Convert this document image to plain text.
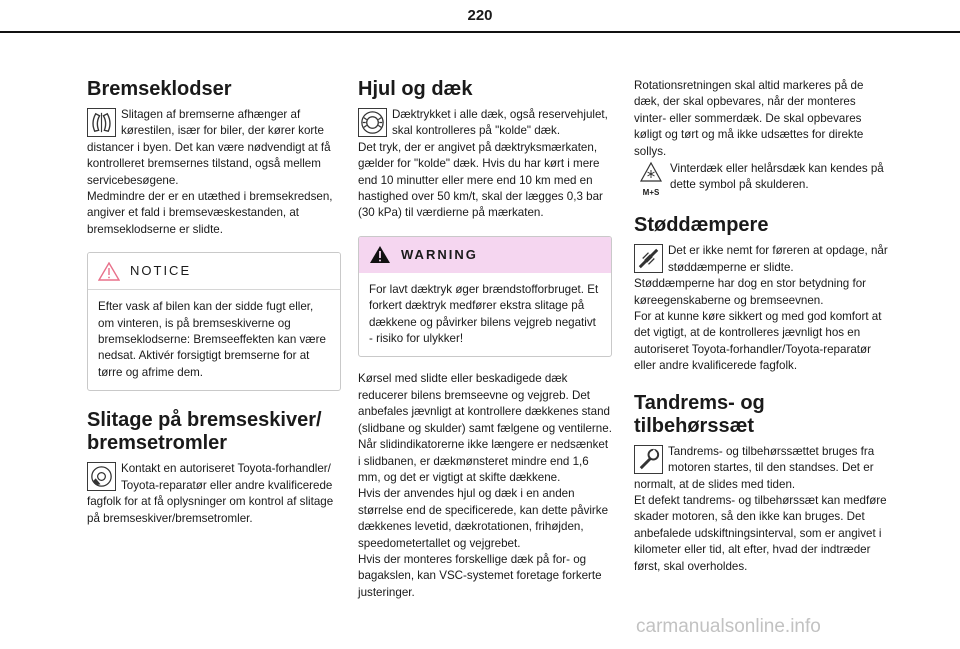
220
Bremseklodser

Slitagen af bremserne afhænger af kørestilen, især for biler, der kører korte distancer i byen. Det kan være nødvendigt at få kontrolleret bremsernes tilstand, også mellem servicebesøgene.

Medmindre der er en utæthed i bremsekredsen, angiver et fald i bremsevæskestanden, at bremseklodserne er slidte.

NOTICE
Efter vask af bilen kan der sidde fugt eller, om vinteren, is på bremseskiverne og bremseklodserne: Bremseeffekten kan være nedsat. Aktivér forsigtigt bremserne for at tørre og afrime dem.
Slitage på bremseskiver/ bremsetromler

Kontakt en autoriseret Toyota-forhandler/ Toyota-reparatør eller andre kvalificerede fagfolk for at få oplysninger om kontrol af slitage på bremseskiver/bremsetromler.

Hjul og dæk

Dæktrykket i alle dæk, også reservehjulet, skal kontrolleres på "kolde" dæk.

Det tryk, der er angivet på dæktryksmærkaten, gælder for "kolde" dæk. Hvis du har kørt i mere end 10 minutter eller mere end 10 km med en hastighed over 50 km/t, skal der lægges 0,3 bar (30 kPa) til værdierne på mærkaten.

WARNING
For lavt dæktryk øger brændstofforbruget. Et forkert dæktryk medfører ekstra slitage på dækkene og påvirker bilens vejgreb negativt - risiko for ulykker!

Kørsel med slidte eller beskadigede dæk reducerer bilens bremseevne og vejgreb. Det anbefales jævnligt at kontrollere dækkenes stand (slidbane og skulder) samt fælgene og ventilerne.

Når slidindikatorerne ikke længere er nedsænket i slidbanen, er dækmønsteret mindre end 1,6 mm, og det er vigtigt at skifte dækkene.

Hvis der anvendes hjul og dæk i en anden størrelse end de specificerede, kan dette påvirke dækkenes levetid, dækrotationen, frihøjden, speedometertallet og vejgrebet.

Hvis der monteres forskellige dæk på for- og bagakslen, kan VSC-systemet foretage forkerte justeringer.

Rotationsretningen skal altid markeres på de dæk, der skal opbevares, når der monteres vinter- eller sommerdæk. De skal opbevares køligt og tørt og må ikke udsættes for direkte sollys.

M+S

Vinterdæk eller helårsdæk kan kendes på dette symbol på skulderen.

Støddæmpere

Det er ikke nemt for føreren at opdage, når støddæmperne er slidte.

Støddæmperne har dog en stor betydning for køreegenskaberne og bremseevnen.

For at kunne køre sikkert og med god komfort at det vigtigt, at de kontrolleres jævnligt hos en autoriseret Toyota-forhandler/Toyota-reparatør eller andre kvalificerede fagfolk.

Tandrems- og tilbehørssæt

Tandrems- og tilbehørssættet bruges fra motoren startes, til den standses. Det er normalt, at de slides med tiden.

Et defekt tandrems- og tilbehørssæt kan medføre skader motoren, så den ikke kan bruges. Det anbefalede udskiftningsinterval, som er angivet i kilometer eller tid, alt efter, hvad der indtræder først, skal overholdes.

carmanualsonline.info
